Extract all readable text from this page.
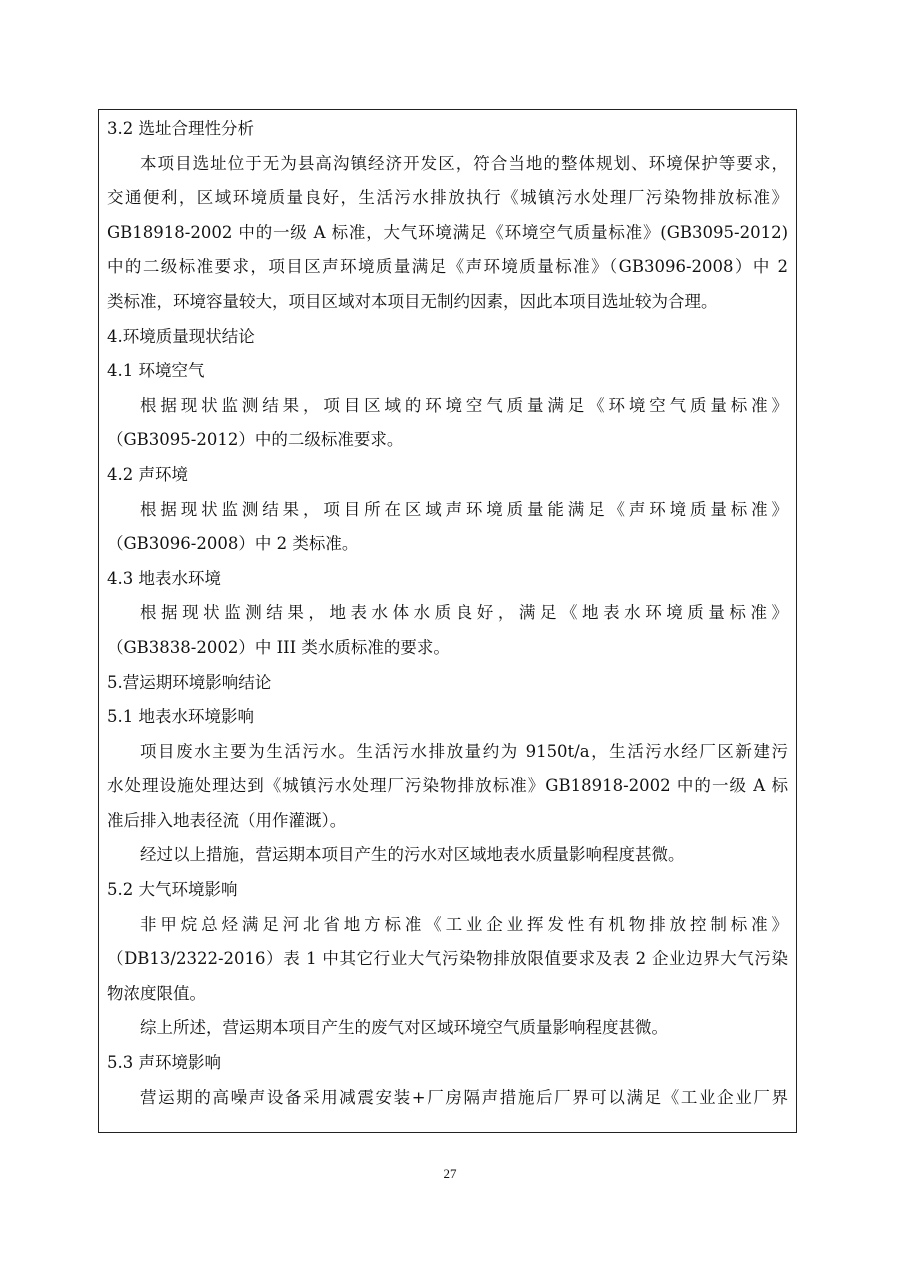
3.2 选址合理性分析
本项目选址位于无为县高沟镇经济开发区，符合当地的整体规划、环境保护等要求，
交通便利，区域环境质量良好，生活污水排放执行《城镇污水处理厂污染物排放标准》
GB18918-2002 中的一级 A 标准，大气环境满足《环境空气质量标准》(GB3095-2012)
中的二级标准要求，项目区声环境质量满足《声环境质量标准》（GB3096-2008）中 2
类标准，环境容量较大，项目区域对本项目无制约因素，因此本项目选址较为合理。
4.环境质量现状结论
4.1 环境空气
根据现状监测结果，项目区域的环境空气质量满足《环境空气质量标准》
（GB3095-2012）中的二级标准要求。
4.2 声环境
根据现状监测结果，项目所在区域声环境质量能满足《声环境质量标准》
（GB3096-2008）中 2 类标准。
4.3 地表水环境
根据现状监测结果，地表水体水质良好，满足《地表水环境质量标准》
（GB3838-2002）中 III 类水质标准的要求。
5.营运期环境影响结论
5.1 地表水环境影响
项目废水主要为生活污水。生活污水排放量约为 9150t/a，生活污水经厂区新建污
水处理设施处理达到《城镇污水处理厂污染物排放标准》GB18918-2002 中的一级 A 标
准后排入地表径流（用作灌溉）。
经过以上措施，营运期本项目产生的污水对区域地表水质量影响程度甚微。
5.2 大气环境影响
非甲烷总烃满足河北省地方标准《工业企业挥发性有机物排放控制标准》
（DB13/2322-2016）表 1 中其它行业大气污染物排放限值要求及表 2 企业边界大气污染
物浓度限值。
综上所述，营运期本项目产生的废气对区域环境空气质量影响程度甚微。
5.3 声环境影响
营运期的高噪声设备采用减震安装+厂房隔声措施后厂界可以满足《工业企业厂界
27
